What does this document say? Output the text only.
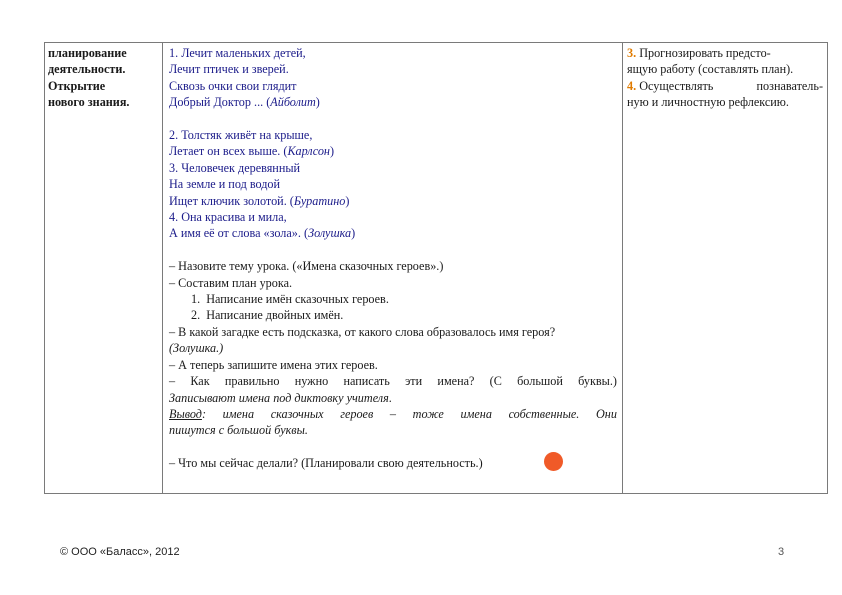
планирование
деятельности.
Открытие
нового знания.
1. Лечит маленьких детей,
Лечит птичек и зверей.
Сквозь очки свои глядит
Добрый Доктор ... (Айболит)
2. Толстяк живёт на крыше,
Летает он всех выше. (Карлсон)
3. Человечек деревянный
На земле и под водой
Ищет ключик золотой. (Буратино)
4. Она красива и мила,
А имя её от слова «зола». (Золушка)
– Назовите тему урока. («Имена сказочных героев».)
– Составим план урока.
1. Написание имён сказочных героев.
2. Написание двойных имён.
– В какой загадке есть подсказка, от какого слова образовалось имя героя?
(Золушка.)
– А теперь запишите имена этих героев.
– Как правильно нужно написать эти имена? (С большой буквы.)
Записывают имена под диктовку учителя.
Вывод: имена сказочных героев – тоже имена собственные. Они
пишутся с большой буквы.
– Что мы сейчас делали? (Планировали свою деятельность.)
3. Прогнозировать предсто-
ящую работу (составлять план).
4. Осуществлять	познаватель-
ную и личностную рефлексию.
© ООО «Баласс», 2012	3
